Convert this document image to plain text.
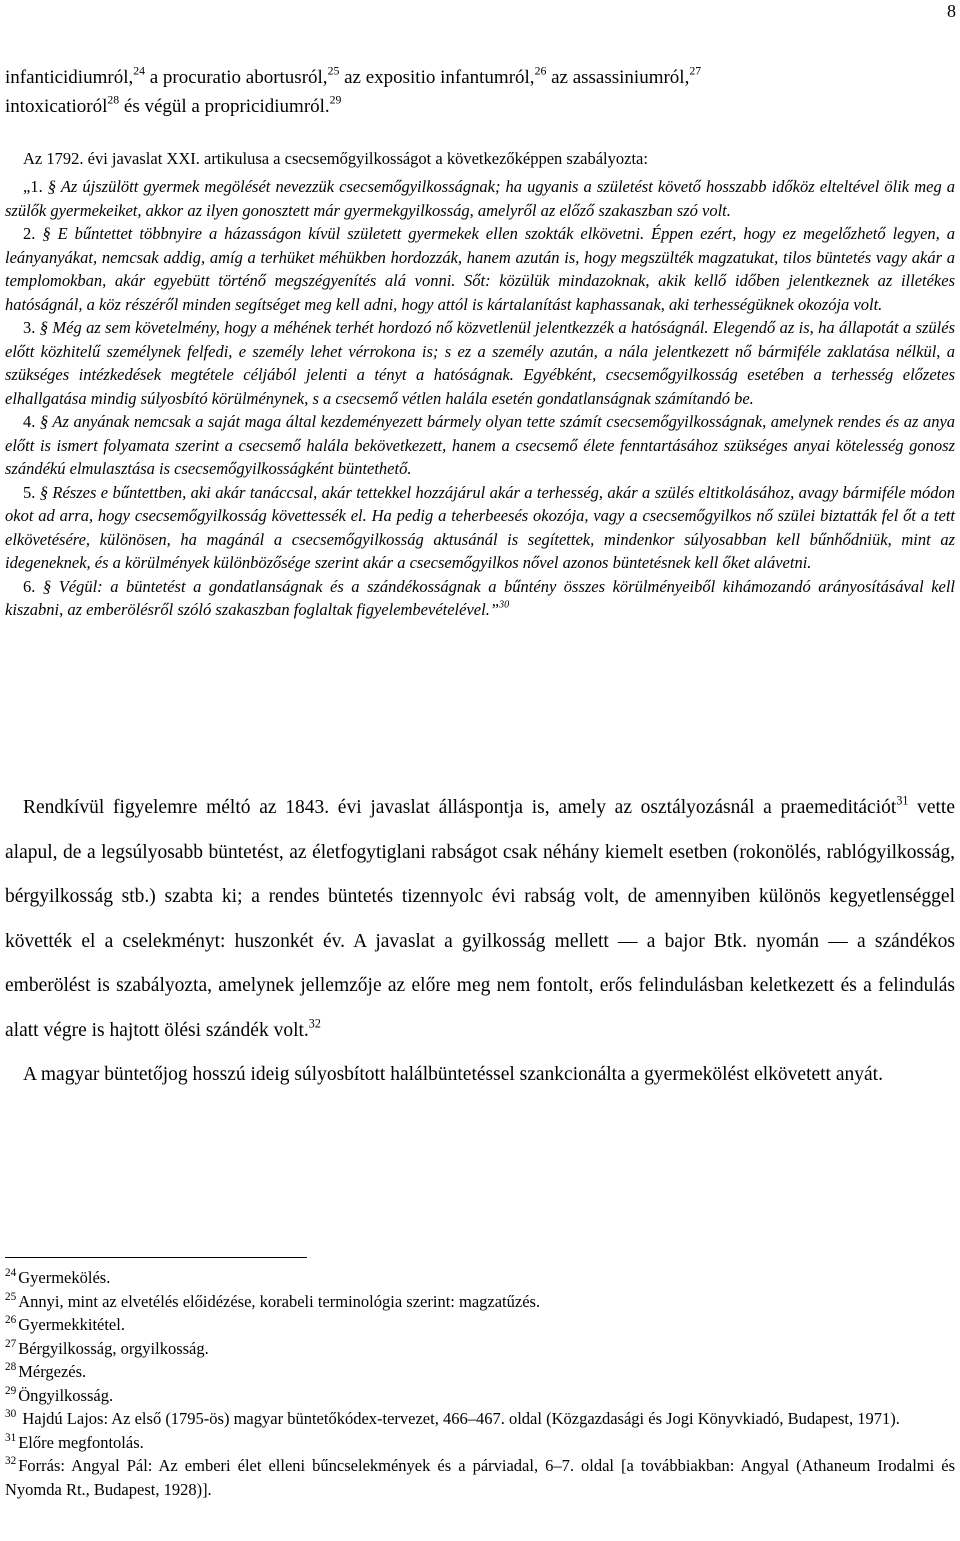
8

infanticidiumról,$^{24}$ a procuratio abortusról,$^{25}$ az expositio infantumról,$^{26}$ az assassiniumról,$^{27}$
intoxicatioról$^{28}$ és végül a propricidiumról.$^{29}$

Az 1792. évi javaslat XXI. artikulusa a csecsemőgyilkosságot a következőképpen szabályozta:

„1. § Az újszülött gyermek megölését nevezzük csecsemőgyilkosságnak; ha ugyanis a születést követő hosszabb időköz elteltével ölik meg a szülők gyermekeiket, akkor az ilyen gonosztett már gyermekgyilkosság, amelyről az előző szakaszban szó volt.
2. § E bűntettet többnyire a házasságon kívül született gyermekek ellen szokták elkövetni. Éppen ezért, hogy ez megelőzhető legyen, a leányanyákat, nemcsak addig, amíg a terhüket méhükben hordozzák, hanem azután is, hogy megszülték magzatukat, tilos büntetés vagy akár a templomokban, akár egyebütt történő megszégyenítés alá vonni. Sőt: közülük mindazoknak, akik kellő időben jelentkeznek az illetékes hatóságnál, a köz részéről minden segítséget meg kell adni, hogy attól is kártalanítást kaphassanak, aki terhességüknek okozója volt.
3. § Még az sem követelmény, hogy a méhének terhét hordozó nő közvetlenül jelentkezzék a hatóságnál. Elegendő az is, ha állapotát a szülés előtt közhitelű személynek felfedi, e személy lehet vérrokona is; s ez a személy azután, a nála jelentkezett nő bármiféle zaklatása nélkül, a szükséges intézkedések megtétele céljából jelenti a tényt a hatóságnak. Egyébként, csecsemőgyilkosság esetében a terhesség előzetes elhallgatása mindig súlyosbító körülménynek, s a csecsemő vétlen halála esetén gondatlanságnak számítandó be.
4. § Az anyának nemcsak a saját maga által kezdeményezett bármely olyan tette számít csecsemőgyilkosságnak, amelynek rendes és az anya előtt is ismert folyamata szerint a csecsemő halála bekövetkezett, hanem a csecsemő élete fenntartásához szükséges anyai kötelesség gonosz szándékú elmulasztása is csecsemőgyilkosságként büntethető.
5. § Részes e bűntettben, aki akár tanáccsal, akár tettekkel hozzájárul akár a terhesség, akár a szülés eltitkolásához, avagy bármiféle módon okot ad arra, hogy csecsemőgyilkosság követtessék el. Ha pedig a teherbeesés okozója, vagy a csecsemőgyilkos nő szülei biztatták fel őt a tett elkövetésére, különösen, ha magánál a csecsemőgyilkosság aktusánál is segítettek, mindenkor súlyosabban kell bűnhődniük, mint az idegeneknek, és a körülmények különbözősége szerint akár a csecsemőgyilkos nővel azonos büntetésnek kell őket alávetni.
6. § Végül: a büntetést a gondatlanságnak és a szándékosságnak a bűntény összes körülményeiből kihámozandó arányosításával kell kiszabni, az emberölésről szóló szakaszban foglaltak figyelembevételével.”$^{30}$
Rendkívül figyelemre méltó az 1843. évi javaslat álláspontja is, amely az osztályozásnál a praemeditációt$^{31}$ vette alapul, de a legsúlyosabb büntetést, az életfogytiglani rabságot csak néhány kiemelt esetben (rokonölés, rablógyilkosság, bérgyilkosság stb.) szabta ki; a rendes büntetés tizennyolc évi rabság volt, de amennyiben különös kegyetlenséggel követték el a cselekményt: huszonkét év. A javaslat a gyilkosság mellett — a bajor Btk. nyomán — a szándékos emberölést is szabályozta, amelynek jellemzője az előre meg nem fontolt, erős felindulásban keletkezett és a felindulás alatt végre is hajtott ölési szándék volt.$^{32}$
A magyar büntetőjog hosszú ideig súlyosbított halálbüntetéssel szankcionálta a gyermekölést elkövetett anyát.

$^{24}$ Gyermekölés.

$^{25}$ Annyi, mint az elvetélés előidézése, korabeli terminológia szerint: magzatűzés.

$^{26}$ Gyermekkitétel.

$^{27}$ Bérgyilkosság, orgyilkosság.

$^{28}$ Mérgezés.

$^{29}$ Öngyilkosság.

$^{30}$ Hajdú Lajos: Az első (1795-ös) magyar büntetőkódex-tervezet, 466–467. oldal (Közgazdasági és Jogi Könyvkiadó, Budapest, 1971).

$^{31}$ Előre megfontolás.

$^{32}$ Forrás: Angyal Pál: Az emberi élet elleni bűncselekmények és a párviadal, 6–7. oldal [a továbbiakban: Angyal (Athaneum Irodalmi és Nyomda Rt., Budapest, 1928)].
